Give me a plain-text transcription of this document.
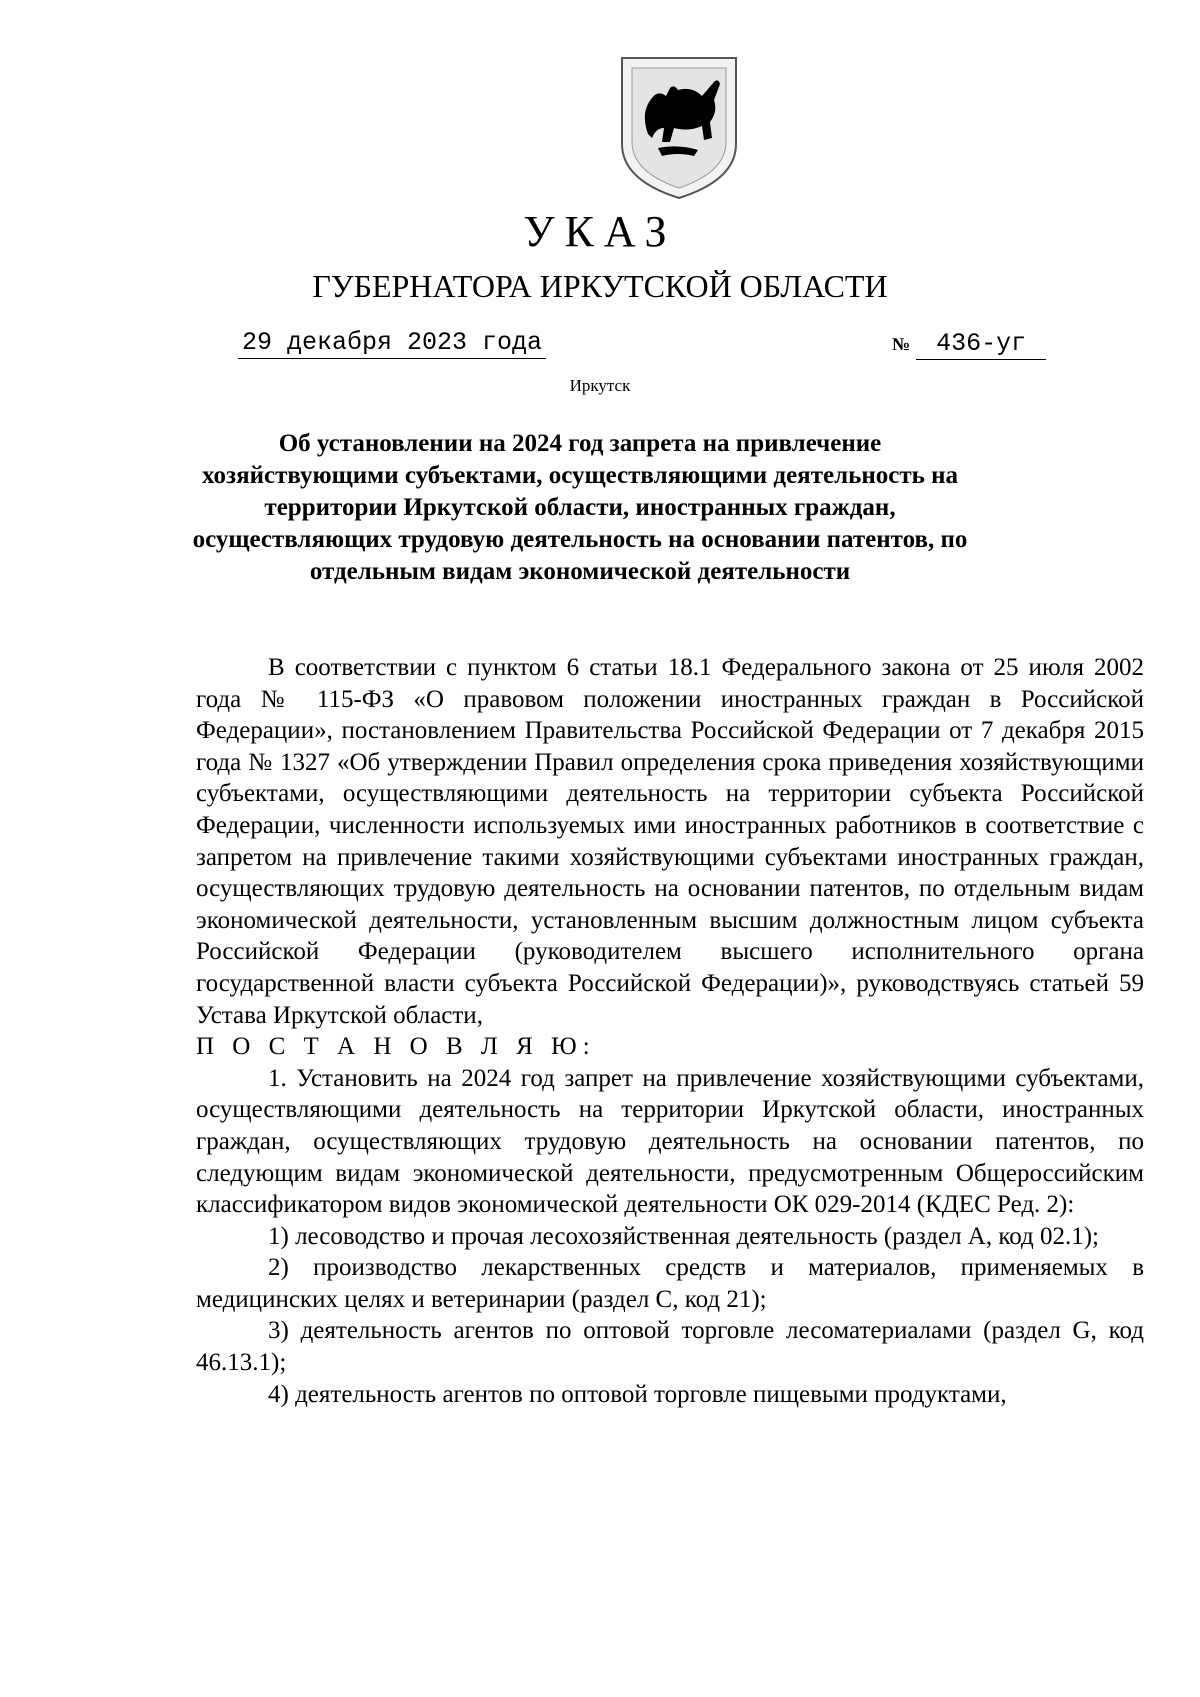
УКАЗ
ГУБЕРНАТОРА ИРКУТСКОЙ ОБЛАСТИ
29 декабря 2023 года	№ 436-уг
Иркутск
Об установлении на 2024 год запрета на привлечение хозяйствующими субъектами, осуществляющими деятельность на территории Иркутской области, иностранных граждан, осуществляющих трудовую деятельность на основании патентов, по отдельным видам экономической деятельности

В соответствии с пунктом 6 статьи 18.1 Федерального закона от 25 июля 2002 года № 115-ФЗ «О правовом положении иностранных граждан в Российской Федерации», постановлением Правительства Российской Федерации от 7 декабря 2015 года № 1327 «Об утверждении Правил определения срока приведения хозяйствующими субъектами, осуществляющими деятельность на территории субъекта Российской Федерации, численности используемых ими иностранных работников в соответствие с запретом на привлечение такими хозяйствующими субъектами иностранных граждан, осуществляющих трудовую деятельность на основании патентов, по отдельным видам экономической деятельности, установленным высшим должностным лицом субъекта Российской Федерации (руководителем высшего исполнительного органа государственной власти субъекта Российской Федерации)», руководствуясь статьей 59 Устава Иркутской области,

П О С Т А Н О В Л Я Ю:

1. Установить на 2024 год запрет на привлечение хозяйствующими субъектами, осуществляющими деятельность на территории Иркутской области, иностранных граждан, осуществляющих трудовую деятельность на основании патентов, по следующим видам экономической деятельности, предусмотренным Общероссийским классификатором видов экономической деятельности ОК 029-2014 (КДЕС Ред. 2):

1) лесоводство и прочая лесохозяйственная деятельность (раздел А, код 02.1);

2) производство лекарственных средств и материалов, применяемых в медицинских целях и ветеринарии (раздел С, код 21);

3) деятельность агентов по оптовой торговле лесоматериалами (раздел G, код 46.13.1);

4) деятельность агентов по оптовой торговле пищевыми продуктами,
